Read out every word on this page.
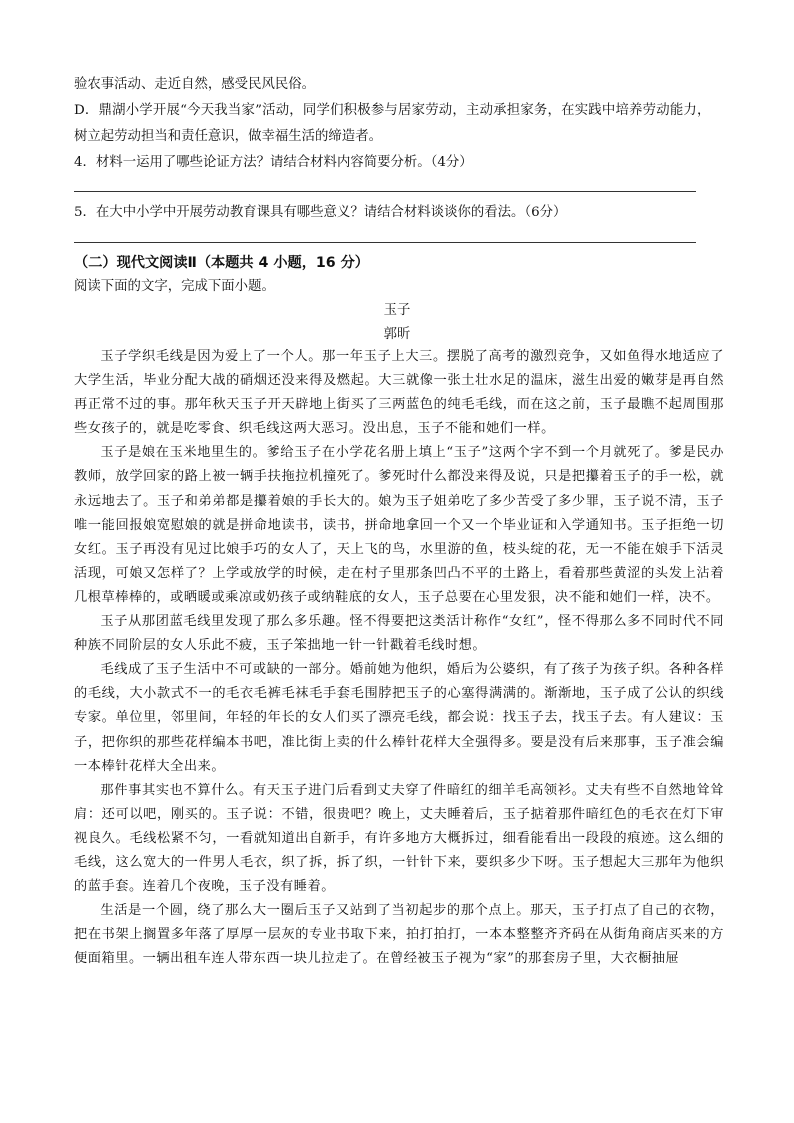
验农事活动、走近自然，感受民风民俗。
D．鼎湖小学开展“今天我当家”活动，同学们积极参与居家劳动，主动承担家务，在实践中培养劳动能力，
树立起劳动担当和责任意识，做幸福生活的缔造者。
4．材料一运用了哪些论证方法？请结合材料内容简要分析。（4分）
5．在大中小学中开展劳动教育课具有哪些意义？请结合材料谈谈你的看法。（6分）
（二）现代文阅读Ⅱ（本题共 4 小题，16 分）
阅读下面的文字，完成下面小题。
玉子
郭昕

玉子学织毛线是因为爱上了一个人。那一年玉子上大三。摆脱了高考的激烈竞争，又如鱼得水地适应了大学生活，毕业分配大战的硝烟还没来得及燃起。大三就像一张土壮水足的温床，滋生出爱的嫩芽是再自然再正常不过的事。那年秋天玉子开天辟地上街买了三两蓝色的纯毛毛线，而在这之前，玉子最瞧不起周围那些女孩子的，就是吃零食、织毛线这两大恶习。没出息，玉子不能和她们一样。

玉子是娘在玉米地里生的。爹给玉子在小学花名册上填上“玉子”这两个字不到一个月就死了。爹是民办教师，放学回家的路上被一辆手扶拖拉机撞死了。爹死时什么都没来得及说，只是把攥着玉子的手一松，就永远地去了。玉子和弟弟都是攥着娘的手长大的。娘为玉子姐弟吃了多少苦受了多少罪，玉子说不清，玉子唯一能回报娘宽慰娘的就是拼命地读书，读书，拼命地拿回一个又一个毕业证和入学通知书。玉子拒绝一切女红。玉子再没有见过比娘手巧的女人了，天上飞的鸟，水里游的鱼，枝头绽的花，无一不能在娘手下活灵活现，可娘又怎样了？上学或放学的时候，走在村子里那条凹凸不平的土路上，看着那些黄涩的头发上沾着几根草棒棒的，或晒暖或乘凉或奶孩子或纳鞋底的女人，玉子总要在心里发狠，决不能和她们一样，决不。

玉子从那团蓝毛线里发现了那么多乐趣。怪不得要把这类活计称作“女红”，怪不得那么多不同时代不同种族不同阶层的女人乐此不疲，玉子笨拙地一针一针戳着毛线时想。

毛线成了玉子生活中不可或缺的一部分。婚前她为他织，婚后为公婆织，有了孩子为孩子织。各种各样的毛线，大小款式不一的毛衣毛裤毛袜毛手套毛围脖把玉子的心塞得满满的。渐渐地，玉子成了公认的织线专家。单位里，邻里间，年轻的年长的女人们买了漂亮毛线，都会说：找玉子去，找玉子去。有人建议：玉子，把你织的那些花样编本书吧，准比街上卖的什么棒针花样大全强得多。要是没有后来那事，玉子准会编一本棒针花样大全出来。

那件事其实也不算什么。有天玉子进门后看到丈夫穿了件暗红的细羊毛高领衫。丈夫有些不自然地耸耸肩：还可以吧，刚买的。玉子说：不错，很贵吧？晚上，丈夫睡着后，玉子掂着那件暗红色的毛衣在灯下审视良久。毛线松紧不匀，一看就知道出自新手，有许多地方大概拆过，细看能看出一段段的痕迹。这么细的毛线，这么宽大的一件男人毛衣，织了拆，拆了织，一针针下来，要织多少下呀。玉子想起大三那年为他织的蓝手套。连着几个夜晚，玉子没有睡着。

生活是一个圆，绕了那么大一圈后玉子又站到了当初起步的那个点上。那天，玉子打点了自己的衣物，把在书架上搁置多年落了厚厚一层灰的专业书取下来，拍打拍打，一本本整整齐齐码在从街角商店买来的方便面箱里。一辆出租车连人带东西一块儿拉走了。在曾经被玉子视为“家”的那套房子里，大衣橱抽屉
